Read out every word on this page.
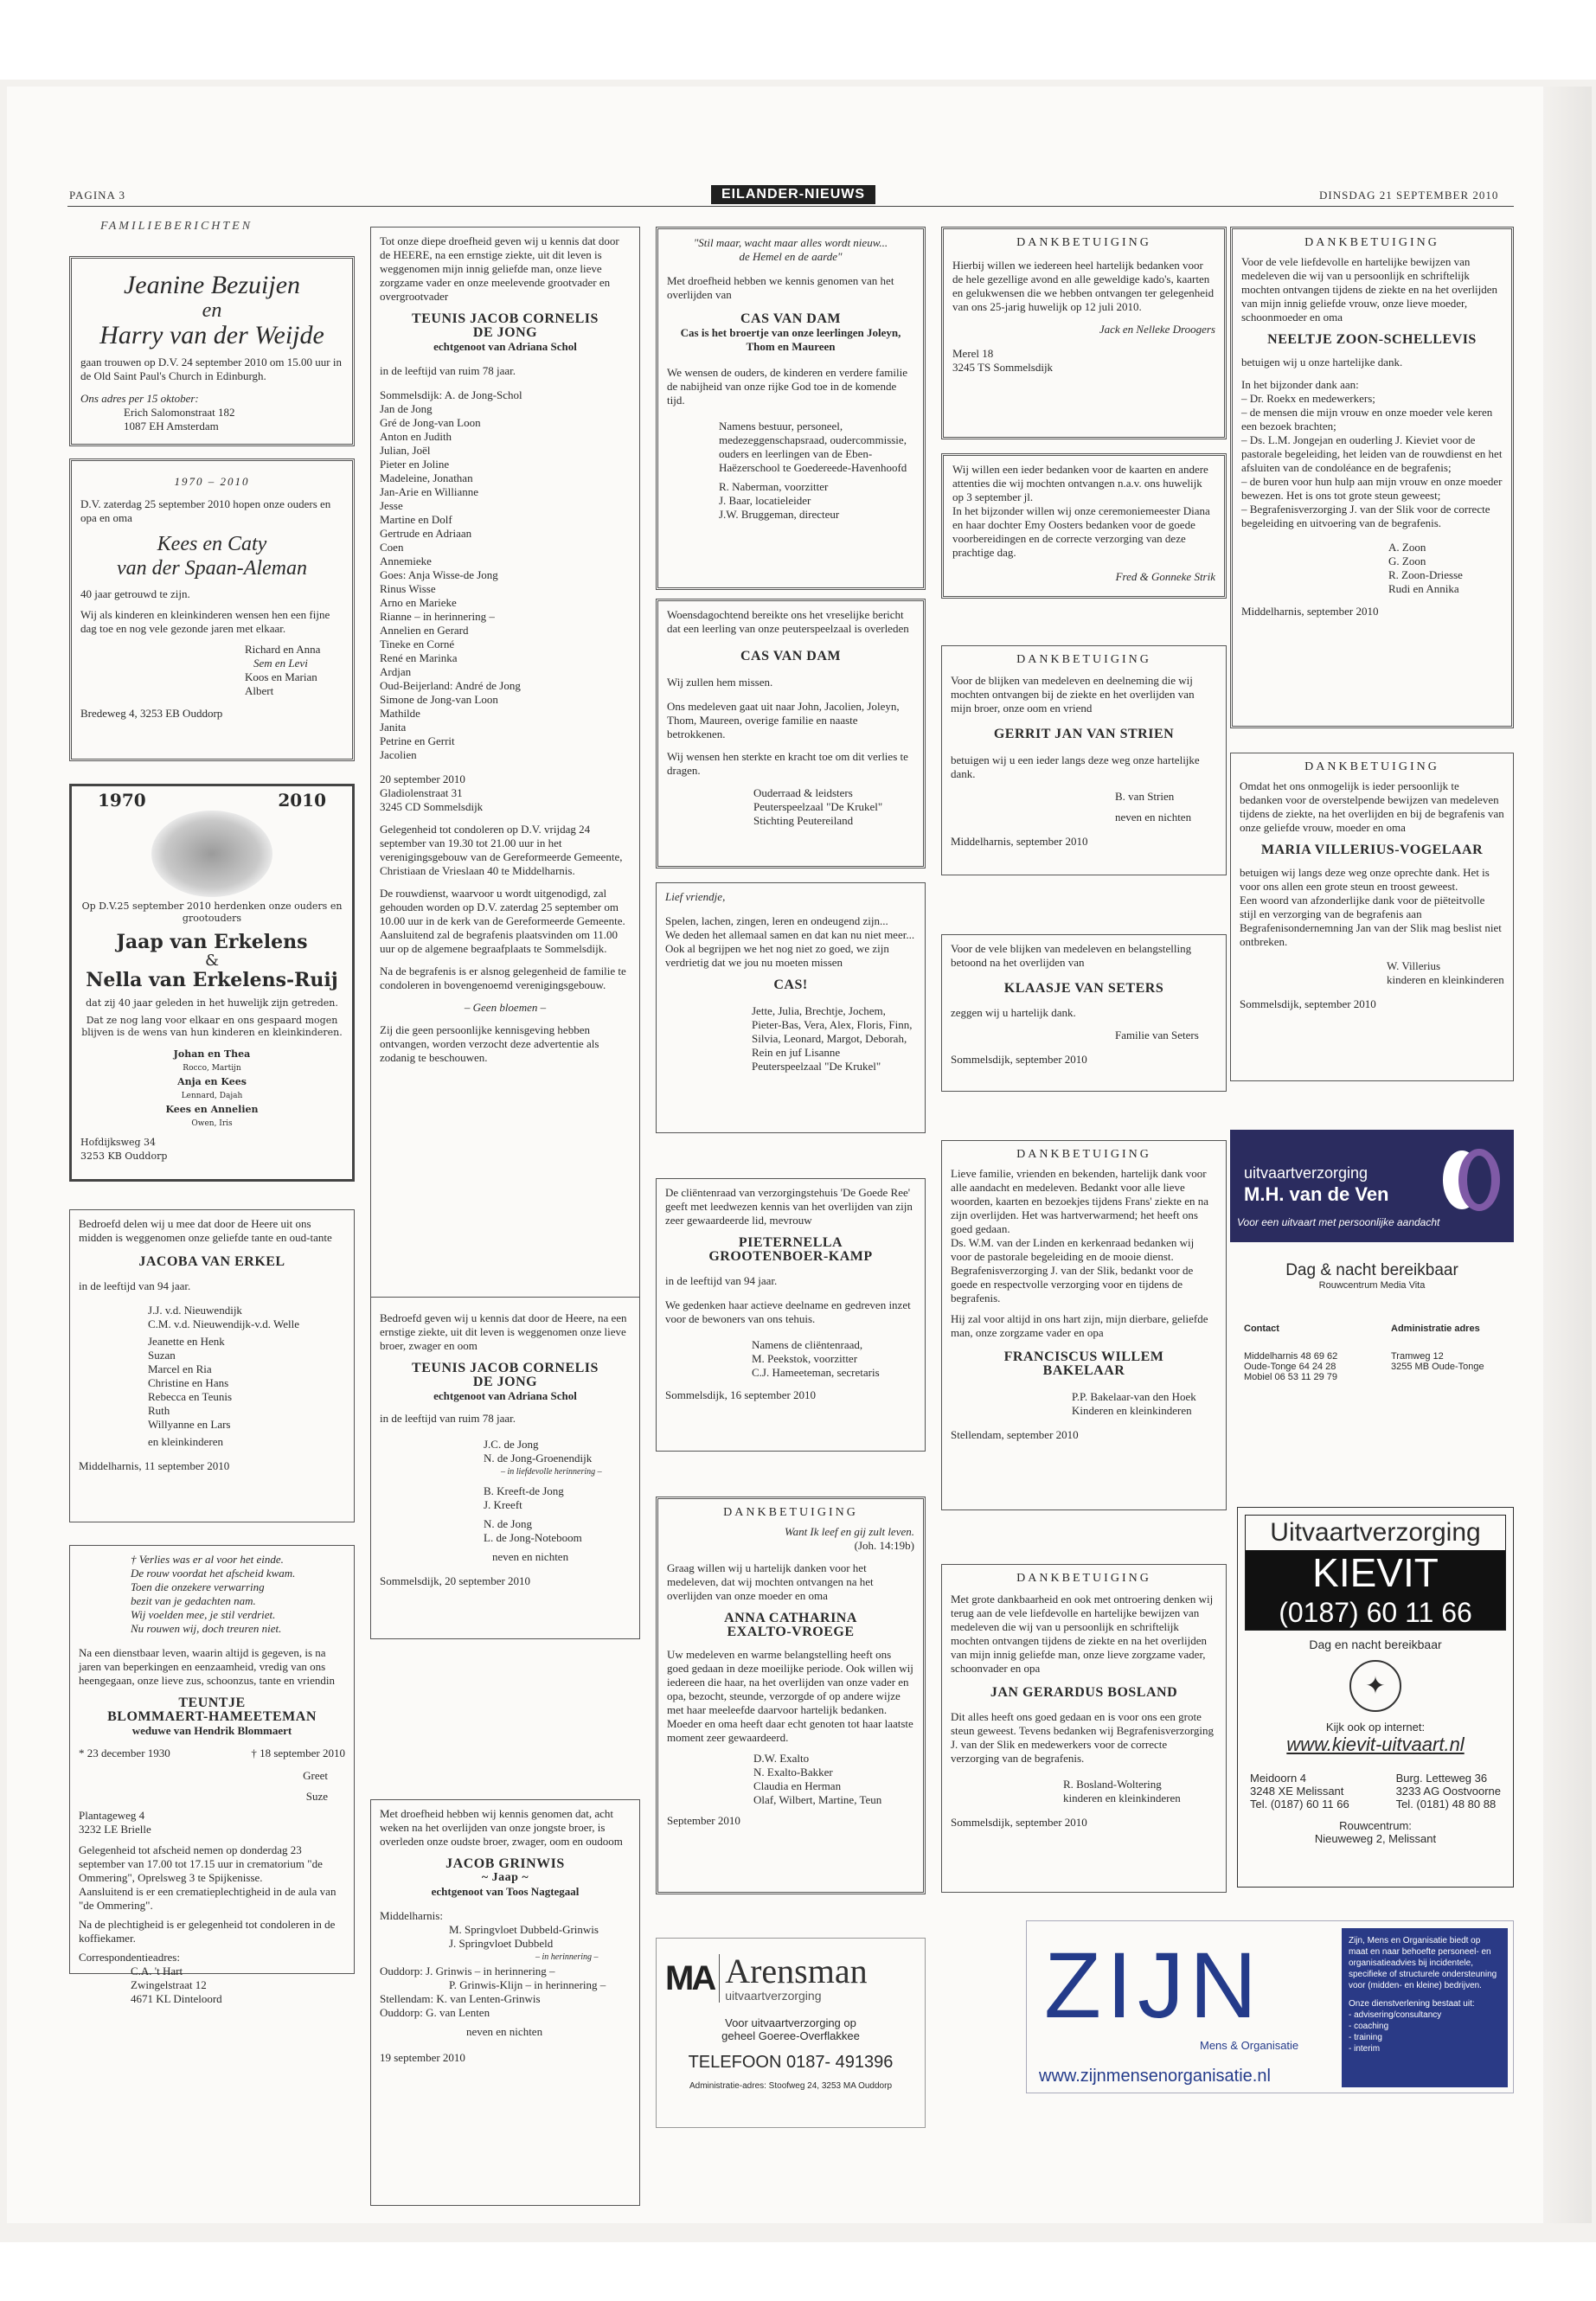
PAGINA 3	EILANDER-NIEUWS	DINSDAG 21 SEPTEMBER 2010
FAMILIEBERICHTEN
Jeanine Bezuijen
en
Harry van der Weijde
gaan trouwen op D.V. 24 september 2010 om 15.00 uur in de Old Saint Paul's Church in Edinburgh.
Ons adres per 15 oktober:
Erich Salomonstraat 182
1087 EH Amsterdam
1970 – 2010
D.V. zaterdag 25 september 2010 hopen onze ouders en opa en oma
Kees en Caty
van der Spaan-Aleman
40 jaar getrouwd te zijn.
Wij als kinderen en kleinkinderen wensen hen een fijne dag toe en nog vele gezonde jaren met elkaar.
Richard en Anna
Sem en Levi
Koos en Marian
Albert
Bredeweg 4, 3253 EB Ouddorp
1970	2010
Op D.V.25 september 2010 herdenken onze ouders en grootouders
Jaap van Erkelens
&
Nella van Erkelens-Ruij
dat zij 40 jaar geleden in het huwelijk zijn getreden.
Dat ze nog lang voor elkaar en ons gespaard mogen blijven is de wens van hun kinderen en kleinkinderen.
Johan en Thea
Rocco, Martijn
Anja en Kees
Lennard, Dajah
Kees en Annelien
Owen, Iris
Hofdijksweg 34
3253 KB Ouddorp
Bedroefd delen wij u mee dat door de Heere uit ons midden is weggenomen onze geliefde tante en oud-tante
JACOBA VAN ERKEL
in de leeftijd van 94 jaar.
J.J. v.d. Nieuwendijk
C.M. v.d. Nieuwendijk-v.d. Welle
Jeanette en Henk
Suzan
Marcel en Ria
Christine en Hans
Rebecca en Teunis
Ruth
Willyanne en Lars
en kleinkinderen
Middelharnis, 11 september 2010
† Verlies was er al voor het einde.
De rouw voordat het afscheid kwam.
Toen die onzekere verwarring
bezit van je gedachten nam.
Wij voelden mee, je stil verdriet.
Nu rouwen wij, doch treuren niet.
Na een dienstbaar leven, waarin altijd is gegeven, is na jaren van beperkingen en eenzaamheid, vredig van ons heengegaan, onze lieve zus, schoonzus, tante en vriendin
TEUNTJE
BLOMMAERT-HAMEETEMAN
weduwe van Hendrik Blommaert
* 23 december 1930	† 18 september 2010
Greet
Suze
Plantageweg 4
3232 LE Brielle
Gelegenheid tot afscheid nemen op donderdag 23 september van 17.00 tot 17.15 uur in crematorium "de Ommering", Oprelsweg 3 te Spijkenisse.
Aansluitend is er een crematieplechtigheid in de aula van "de Ommering".
Na de plechtigheid is er gelegenheid tot condoleren in de koffiekamer.
Correspondentieadres:
C.A. 't Hart
Zwingelstraat 12
4671 KL Dinteloord
Tot onze diepe droefheid geven wij u kennis dat door de HEERE, na een ernstige ziekte, uit dit leven is weggenomen mijn innig geliefde man, onze lieve zorgzame vader en onze meelevende grootvader en overgrootvader
TEUNIS JACOB CORNELIS
DE JONG
echtgenoot van Adriana Schol
in de leeftijd van ruim 78 jaar.
Sommelsdijk: A. de Jong-Schol
Jan de Jong
Gré de Jong-van Loon
Anton en Judith
Julian, Joël
Pieter en Joline
Madeleine, Jonathan
Jan-Arie en Willianne
Jesse
Martine en Dolf
Gertrude en Adriaan
Coen
Annemieke
Goes: Anja Wisse-de Jong
Rinus Wisse
Arno en Marieke
Rianne – in herinnering –
Annelien en Gerard
Tineke en Corné
René en Marinka
Ardjan
Oud-Beijerland: André de Jong
Simone de Jong-van Loon
Mathilde
Janita
Petrine en Gerrit
Jacolien
20 september 2010
Gladiolenstraat 31
3245 CD Sommelsdijk
Gelegenheid tot condoleren op D.V. vrijdag 24 september van 19.30 tot 21.00 uur in het verenigingsgebouw van de Gereformeerde Gemeente, Christiaan de Vrieslaan 40 te Middelharnis.
De rouwdienst, waarvoor u wordt uitgenodigd, zal gehouden worden op D.V. zaterdag 25 september om 10.00 uur in de kerk van de Gereformeerde Gemeente. Aansluitend zal de begrafenis plaatsvinden om 11.00 uur op de algemene begraafplaats te Sommelsdijk.
Na de begrafenis is er alsnog gelegenheid de familie te condoleren in bovengenoemd verenigingsgebouw.
– Geen bloemen –
Zij die geen persoonlijke kennisgeving hebben ontvangen, worden verzocht deze advertentie als zodanig te beschouwen.
Bedroefd geven wij u kennis dat door de Heere, na een ernstige ziekte, uit dit leven is weggenomen onze lieve broer, zwager en oom
TEUNIS JACOB CORNELIS
DE JONG
echtgenoot van Adriana Schol
in de leeftijd van ruim 78 jaar.
J.C. de Jong
N. de Jong-Groenendijk
– in liefdevolle herinnering –
B. Kreeft-de Jong
J. Kreeft
N. de Jong
L. de Jong-Noteboom
neven en nichten
Sommelsdijk, 20 september 2010
Met droefheid hebben wij kennis genomen dat, acht weken na het overlijden van onze jongste broer, is overleden onze oudste broer, zwager, oom en oudoom
JACOB GRINWIS
~ Jaap ~
echtgenoot van Toos Nagtegaal
Middelharnis:
M. Springvloet Dubbeld-Grinwis
J. Springvloet Dubbeld
– in herinnering –
Ouddorp: J. Grinwis – in herinnering –
P. Grinwis-Klijn – in herinnering –
Stellendam: K. van Lenten-Grinwis
Ouddorp: G. van Lenten
neven en nichten
19 september 2010
"Stil maar, wacht maar alles wordt nieuw...
de Hemel en de aarde"
Met droefheid hebben we kennis genomen van het overlijden van
CAS VAN DAM
Cas is het broertje van onze leerlingen Joleyn, Thom en Maureen
We wensen de ouders, de kinderen en verdere familie de nabijheid van onze rijke God toe in de komende tijd.
Namens bestuur, personeel, medezeggenschapsraad, oudercommissie, ouders en leerlingen van de Eben-Haëzerschool te Goedereede-Havenhoofd
R. Naberman, voorzitter
J. Baar, locatieleider
J.W. Bruggeman, directeur
Woensdagochtend bereikte ons het vreselijke bericht dat een leerling van onze peuterspeelzaal is overleden
CAS VAN DAM
Wij zullen hem missen.
Ons medeleven gaat uit naar John, Jacolien, Joleyn, Thom, Maureen, overige familie en naaste betrokkenen.
Wij wensen hen sterkte en kracht toe om dit verlies te dragen.
Ouderraad & leidsters
Peuterspeelzaal "De Krukel"
Stichting Peutereiland
Lief vriendje,
Spelen, lachen, zingen, leren en ondeugend zijn...
We deden het allemaal samen en dat kan nu niet meer...
Ook al begrijpen we het nog niet zo goed, we zijn verdrietig dat we jou nu moeten missen
CAS!
Jette, Julia, Brechtje, Jochem, Pieter-Bas, Vera, Alex, Floris, Finn, Silvia, Leonard, Margot, Deborah, Rein en juf Lisanne
Peuterspeelzaal "De Krukel"
De cliëntenraad van verzorgingstehuis 'De Goede Ree' geeft met leedwezen kennis van het overlijden van zijn zeer gewaardeerde lid, mevrouw
PIETERNELLA
GROOTENBOER-KAMP
in de leeftijd van 94 jaar.
We gedenken haar actieve deelname en gedreven inzet voor de bewoners van ons tehuis.
Namens de cliëntenraad,
M. Peekstok, voorzitter
C.J. Hameeteman, secretaris
Sommelsdijk, 16 september 2010
DANKBETUIGING
Want Ik leef en gij zult leven.
(Joh. 14:19b)
Graag willen wij u hartelijk danken voor het medeleven, dat wij mochten ontvangen na het overlijden van onze moeder en oma
ANNA CATHARINA
EXALTO-VROEGE
Uw medeleven en warme belangstelling heeft ons goed gedaan in deze moeilijke periode. Ook willen wij iedereen die haar, na het overlijden van onze vader en opa, bezocht, steunde, verzorgde of op andere wijze met haar meeleefde daarvoor hartelijk bedanken. Moeder en oma heeft daar echt genoten tot haar laatste moment zeer gewaardeerd.
D.W. Exalto
N. Exalto-Bakker
Claudia en Herman
Olaf, Wilbert, Martine, Teun
September 2010
MA Arensman
uitvaartverzorging
Voor uitvaartverzorging op
geheel Goeree-Overflakkee
TELEFOON 0187- 491396
Administratie-adres: Stoofweg 24, 3253 MA Ouddorp
DANKBETUIGING
Hierbij willen we iedereen heel hartelijk bedanken voor de hele gezellige avond en alle geweldige kado's, kaarten en gelukwensen die we hebben ontvangen ter gelegenheid van ons 25-jarig huwelijk op 12 juli 2010.
Jack en Nelleke Droogers
Merel 18
3245 TS Sommelsdijk
Wij willen een ieder bedanken voor de kaarten en andere attenties die wij mochten ontvangen n.a.v. ons huwelijk op 3 september jl.
In het bijzonder willen wij onze ceremoniemeester Diana en haar dochter Emy Oosters bedanken voor de goede voorbereidingen en de correcte verzorging van deze prachtige dag.
Fred & Gonneke Strik
DANKBETUIGING
Voor de blijken van medeleven en deelneming die wij mochten ontvangen bij de ziekte en het overlijden van mijn broer, onze oom en vriend
GERRIT JAN VAN STRIEN
betuigen wij u een ieder langs deze weg onze hartelijke dank.
B. van Strien
neven en nichten
Middelharnis, september 2010
Voor de vele blijken van medeleven en belangstelling betoond na het overlijden van
KLAASJE VAN SETERS
zeggen wij u hartelijk dank.
Familie van Seters
Sommelsdijk, september 2010
DANKBETUIGING
Lieve familie, vrienden en bekenden, hartelijk dank voor alle aandacht en medeleven. Bedankt voor alle lieve woorden, kaarten en bezoekjes tijdens Frans' ziekte en na zijn overlijden. Het was hartverwarmend; het heeft ons goed gedaan.
Ds. W.M. van der Linden en kerkenraad bedanken wij voor de pastorale begeleiding en de mooie dienst. Begrafenisverzorging J. van der Slik, bedankt voor de goede en respectvolle verzorging voor en tijdens de begrafenis.
Hij zal voor altijd in ons hart zijn, mijn dierbare, geliefde man, onze zorgzame vader en opa
FRANCISCUS WILLEM
BAKELAAR
P.P. Bakelaar-van den Hoek
Kinderen en kleinkinderen
Stellendam, september 2010
DANKBETUIGING
Met grote dankbaarheid en ook met ontroering denken wij terug aan de vele liefdevolle en hartelijke bewijzen van medeleven die wij van u persoonlijk en schriftelijk mochten ontvangen tijdens de ziekte en na het overlijden van mijn innig geliefde man, onze lieve zorgzame vader, schoonvader en opa
JAN GERARDUS BOSLAND
Dit alles heeft ons goed gedaan en is voor ons een grote steun geweest. Tevens bedanken wij Begrafenisverzorging J. van der Slik en medewerkers voor de correcte verzorging van de begrafenis.
R. Bosland-Woltering
kinderen en kleinkinderen
Sommelsdijk, september 2010
DANKBETUIGING
Voor de vele liefdevolle en hartelijke bewijzen van medeleven die wij van u persoonlijk en schriftelijk mochten ontvangen tijdens de ziekte en na het overlijden van mijn innig geliefde vrouw, onze lieve moeder, schoonmoeder en oma
NEELTJE ZOON-SCHELLEVIS
betuigen wij u onze hartelijke dank.
In het bijzonder dank aan:
– Dr. Roekx en medewerkers;
– de mensen die mijn vrouw en onze moeder vele keren een bezoek brachten;
– Ds. L.M. Jongejan en ouderling J. Kieviet voor de pastorale begeleiding, het leiden van de rouwdienst en het afsluiten van de condoléance en de begrafenis;
– de buren voor hun hulp aan mijn vrouw en onze moeder bewezen. Het is ons tot grote steun geweest;
– Begrafenisverzorging J. van der Slik voor de correcte begeleiding en uitvoering van de begrafenis.
A. Zoon
G. Zoon
R. Zoon-Driesse
Rudi en Annika
Middelharnis, september 2010
DANKBETUIGING
Omdat het ons onmogelijk is ieder persoonlijk te bedanken voor de overstelpende bewijzen van medeleven tijdens de ziekte, na het overlijden en bij de begrafenis van onze geliefde vrouw, moeder en oma
MARIA VILLERIUS-VOGELAAR
betuigen wij langs deze weg onze oprechte dank. Het is voor ons allen een grote steun en troost geweest.
Een woord van afzonderlijke dank voor de piëteitvolle stijl en verzorging van de begrafenis aan Begrafenisondernemning Jan van der Slik mag beslist niet ontbreken.
W. Villerius
kinderen en kleinkinderen
Sommelsdijk, september 2010
uitvaartverzorging
M.H. van de Ven
Voor een uitvaart met persoonlijke aandacht
Dag & nacht bereikbaar
Rouwcentrum Media Vita
Contact
Middelharnis 48 69 62
Oude-Tonge 64 24 28
Mobiel 06 53 11 29 79
Administratie adres
Tramweg 12
3255 MB Oude-Tonge
Uitvaartverzorging
KIEVIT
(0187) 60 11 66
Dag en nacht bereikbaar
✦
Kijk ook op internet:
www.kievit-uitvaart.nl
Meidoorn 4
3248 XE Melissant
Tel. (0187) 60 11 66
Burg. Letteweg 36
3233 AG Oostvoorne
Tel. (0181) 48 80 88
Rouwcentrum:
Nieuweweg 2, Melissant
ZIJN
Mens & Organisatie
www.zijnmensenorganisatie.nl
Zijn, Mens en Organisatie biedt op maat en naar behoefte personeel- en organisatieadvies bij incidentele, specifieke of structurele ondersteuning voor (midden- en kleine) bedrijven.
Onze dienstverlening bestaat uit:
- advisering/consultancy
- coaching
- training
- interim
